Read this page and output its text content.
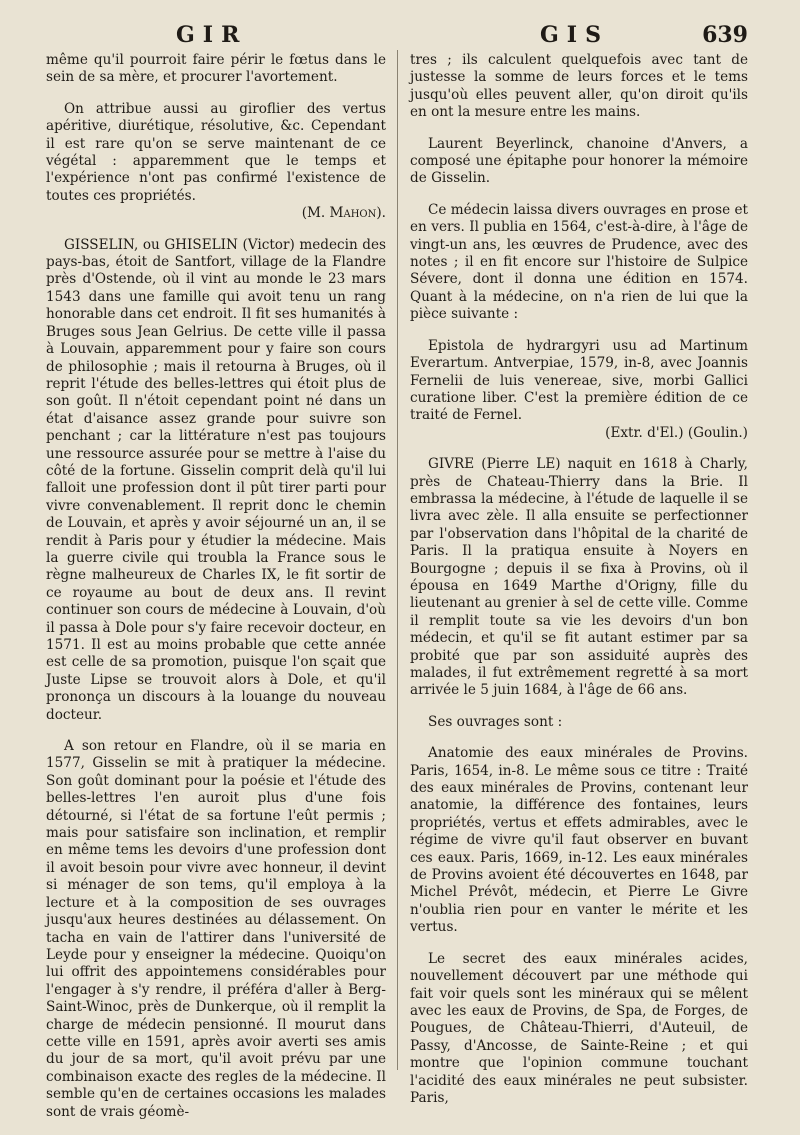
GIR	GIS	639

même qu'il pourroit faire périr le fœtus dans le sein de sa mère, et procurer l'avortement.

On attribue aussi au giroflier des vertus apéritive, diurétique, résolutive, &c. Cependant il est rare qu'on se serve maintenant de ce végétal : apparemment que le temps et l'expérience n'ont pas confirmé l'existence de toutes ces propriétés.

(M. Mahon).

GISSELIN, ou GHISELIN (Victor) medecin des pays-bas, étoit de Santfort, village de la Flandre près d'Ostende, où il vint au monde le 23 mars 1543 dans une famille qui avoit tenu un rang honorable dans cet endroit. Il fit ses humanités à Bruges sous Jean Gelrius. De cette ville il passa à Louvain, apparemment pour y faire son cours de philosophie ; mais il retourna à Bruges, où il reprit l'étude des belles-lettres qui étoit plus de son goût. Il n'étoit cependant point né dans un état d'aisance assez grande pour suivre son penchant ; car la littérature n'est pas toujours une ressource assurée pour se mettre à l'aise du côté de la fortune. Gisselin comprit delà qu'il lui falloit une profession dont il pût tirer parti pour vivre convenablement. Il reprit donc le chemin de Louvain, et après y avoir séjourné un an, il se rendit à Paris pour y étudier la médecine. Mais la guerre civile qui troubla la France sous le règne malheureux de Charles IX, le fit sortir de ce royaume au bout de deux ans. Il revint continuer son cours de médecine à Louvain, d'où il passa à Dole pour s'y faire recevoir docteur, en 1571. Il est au moins probable que cette année est celle de sa promotion, puisque l'on sçait que Juste Lipse se trouvoit alors à Dole, et qu'il prononça un discours à la louange du nouveau docteur.

A son retour en Flandre, où il se maria en 1577, Gisselin se mit à pratiquer la médecine. Son goût dominant pour la poésie et l'étude des belles-lettres l'en auroit plus d'une fois détourné, si l'état de sa fortune l'eût permis ; mais pour satisfaire son inclination, et remplir en même tems les devoirs d'une profession dont il avoit besoin pour vivre avec honneur, il devint si ménager de son tems, qu'il employa à la lecture et à la composition de ses ouvrages jusqu'aux heures destinées au délassement. On tacha en vain de l'attirer dans l'université de Leyde pour y enseigner la médecine. Quoiqu'on lui offrit des appointemens considérables pour l'engager à s'y rendre, il préféra d'aller à Berg-Saint-Winoc, près de Dunkerque, où il remplit la charge de médecin pensionné. Il mourut dans cette ville en 1591, après avoir averti ses amis du jour de sa mort, qu'il avoit prévu par une combinaison exacte des regles de la médecine. Il semble qu'en de certaines occasions les malades sont de vrais géomè-

tres ; ils calculent quelquefois avec tant de justesse la somme de leurs forces et le tems jusqu'où elles peuvent aller, qu'on diroit qu'ils en ont la mesure entre les mains.

Laurent Beyerlinck, chanoine d'Anvers, a composé une épitaphe pour honorer la mémoire de Gisselin.

Ce médecin laissa divers ouvrages en prose et en vers. Il publia en 1564, c'est-à-dire, à l'âge de vingt-un ans, les œuvres de Prudence, avec des notes ; il en fit encore sur l'histoire de Sulpice Sévere, dont il donna une édition en 1574. Quant à la médecine, on n'a rien de lui que la pièce suivante :

Epistola de hydrargyri usu ad Martinum Everartum. Antverpiae, 1579, in-8, avec Joannis Fernelii de luis venereae, sive, morbi Gallici curatione liber. C'est la première édition de ce traité de Fernel.

(Extr. d'El.) (Goulin.)

GIVRE (Pierre LE) naquit en 1618 à Charly, près de Chateau-Thierry dans la Brie. Il embrassa la médecine, à l'étude de laquelle il se livra avec zèle. Il alla ensuite se perfectionner par l'observation dans l'hôpital de la charité de Paris. Il la pratiqua ensuite à Noyers en Bourgogne ; depuis il se fixa à Provins, où il épousa en 1649 Marthe d'Origny, fille du lieutenant au grenier à sel de cette ville. Comme il remplit toute sa vie les devoirs d'un bon médecin, et qu'il se fit autant estimer par sa probité que par son assiduité auprès des malades, il fut extrêmement regretté à sa mort arrivée le 5 juin 1684, à l'âge de 66 ans.

Ses ouvrages sont :

Anatomie des eaux minérales de Provins. Paris, 1654, in-8. Le même sous ce titre : Traité des eaux minérales de Provins, contenant leur anatomie, la différence des fontaines, leurs propriétés, vertus et effets admirables, avec le régime de vivre qu'il faut observer en buvant ces eaux. Paris, 1669, in-12. Les eaux minérales de Provins avoient été découvertes en 1648, par Michel Prévôt, médecin, et Pierre Le Givre n'oublia rien pour en vanter le mérite et les vertus.

Le secret des eaux minérales acides, nouvellement découvert par une méthode qui fait voir quels sont les minéraux qui se mêlent avec les eaux de Provins, de Spa, de Forges, de Pougues, de Château-Thierri, d'Auteuil, de Passy, d'Ancosse, de Sainte-Reine ; et qui montre que l'opinion commune touchant l'acidité des eaux minérales ne peut subsister. Paris,
